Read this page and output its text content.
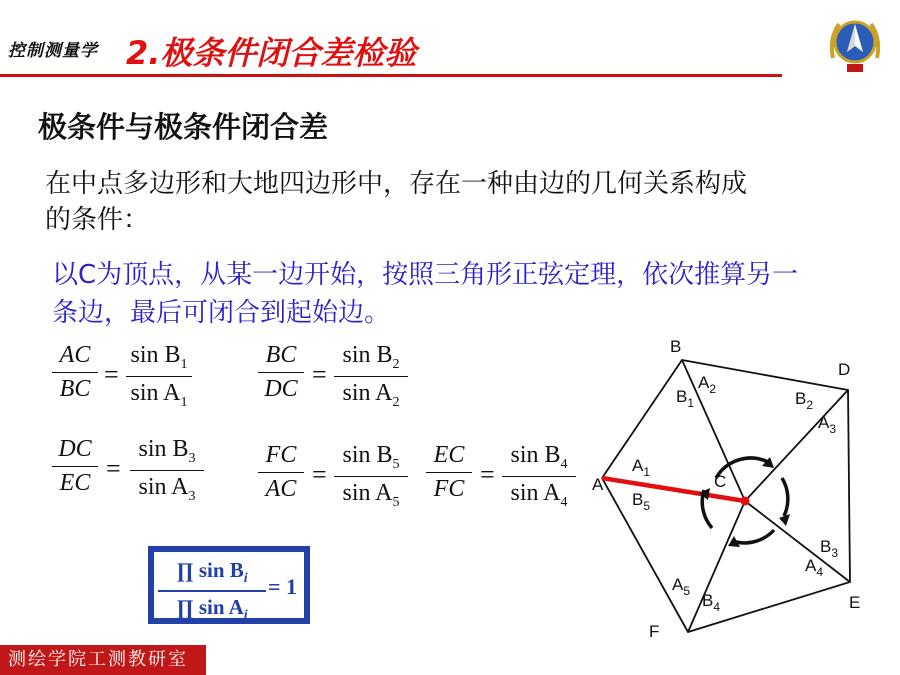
控制测量学 2.极条件闭合差检验
极条件与极条件闭合差
在中点多边形和大地四边形中，存在一种由边的几何关系构成的条件：
以C为顶点，从某一边开始，按照三角形正弦定理，依次推算另一条边，最后可闭合到起始边。
AC
BC =
$\sin B_1$
$\sin A_1$
BC
DC =
$\sin B_2$
$\sin A_2$
DC
EC =
$\sin B_3$
$\sin A_3$
FC
AC =
$\sin B_5$
$\sin A_5$
EC
FC =
$\sin B_4$
$\sin A_4$
∏ $\sin B_i$
∏ $\sin A_i$
= 1
B
D
A	C
E
F
$A_1$
$B_1$
$A_2$	$B_2$
$A_3$
$B_3$
$A_4$
$B_4$
$A_5$
$B_5$
测绘学院工测教研室
